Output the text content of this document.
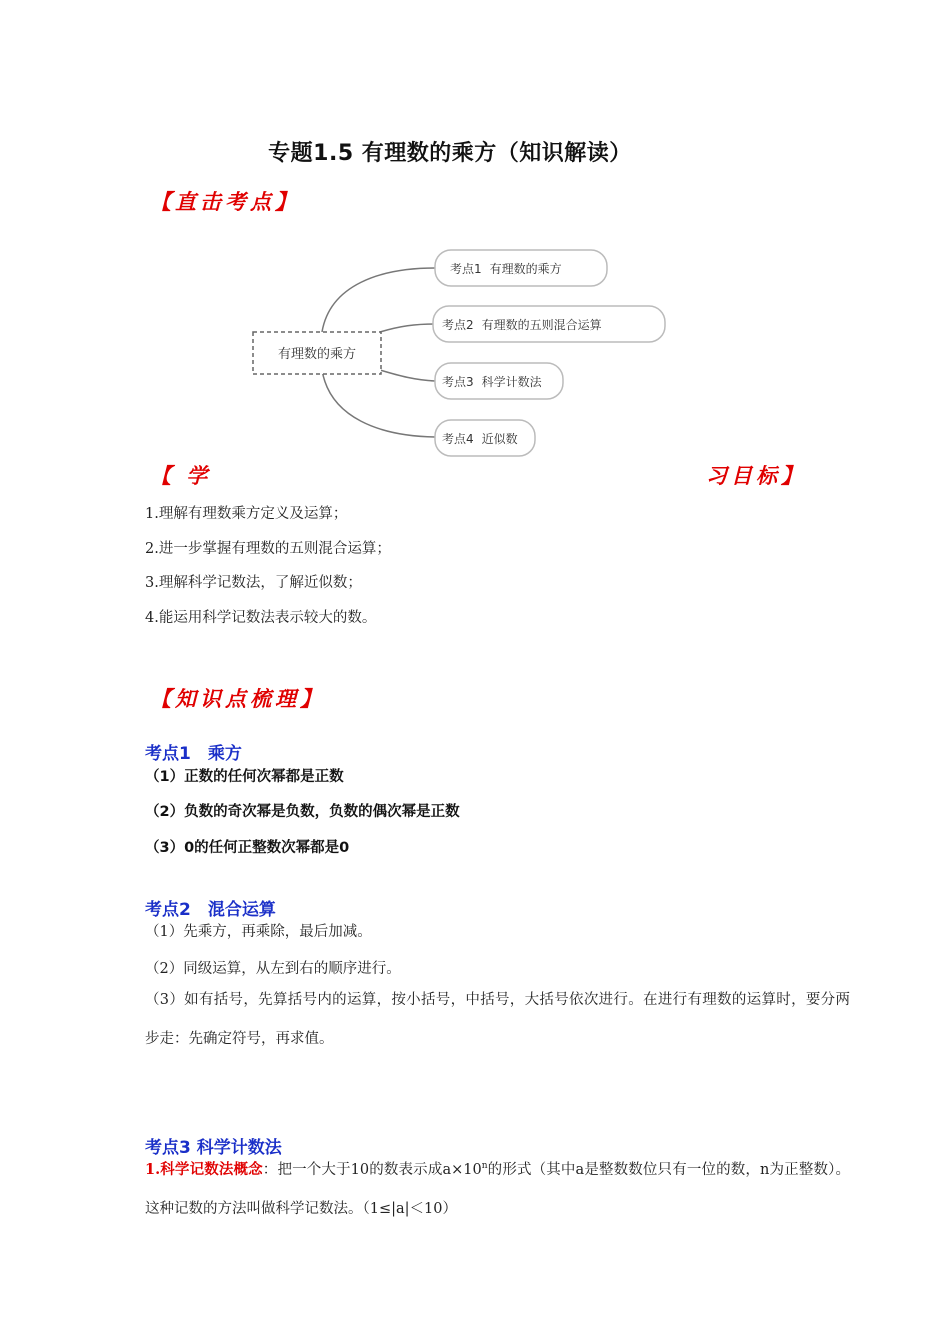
专题1.5 有理数的乘方（知识解读）
【直击考点】
有理数的乘方
考点1 有理数的乘方
考点2 有理数的五则混合运算
考点3 科学计数法
考点4 近似数
【 学	习目标】
1.理解有理数乘方定义及运算；
2.进一步掌握有理数的五则混合运算；
3.理解科学记数法，了解近似数；
4.能运用科学记数法表示较大的数。
【知识点梳理】
考点1　乘方
（1）正数的任何次幂都是正数
（2）负数的奇次幂是负数，负数的偶次幂是正数
（3）0的任何正整数次幂都是0
考点2　混合运算
（1）先乘方，再乘除，最后加减。
（2）同级运算，从左到右的顺序进行。
（3）如有括号，先算括号内的运算，按小括号，中括号，大括号依次进行。在进行有理数的运算时，要分两步走：先确定符号，再求值。
考点3 科学计数法
1.科学记数法概念：把一个大于10的数表示成$a\times 10^n$的形式（其中a是整数数位只有一位的数，n为正整数）。这种记数的方法叫做科学记数法。（1≤|a|＜10）
